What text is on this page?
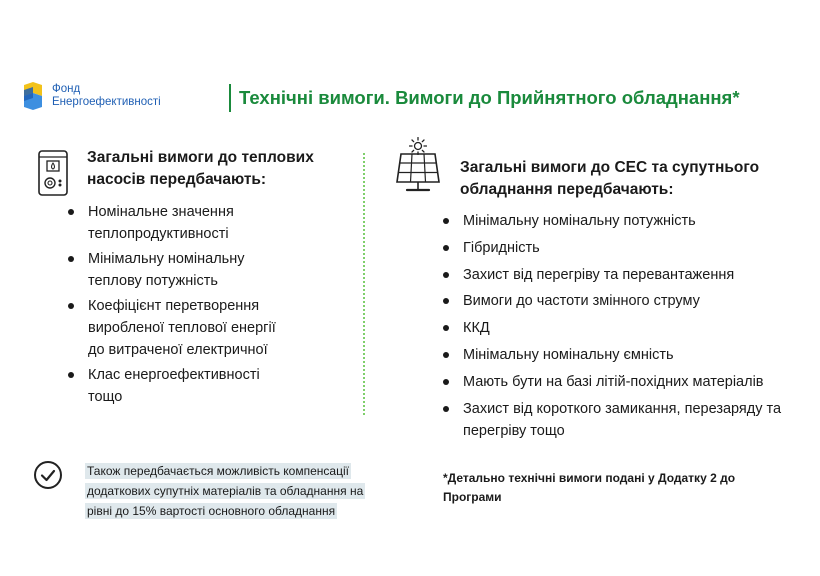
Фонд
Енергоефективності	Технічні вимоги. Вимоги до Прийнятного обладнання*
Загальні вимоги до теплових насосів передбачають:
Номінальне значення
теплопродуктивності
Мінімальну номінальну
теплову потужність
Коефіцієнт перетворення
виробленої теплової енергії
до витраченої електричної
Клас енергоефективності
тощо
Загальні вимоги до СЕС та супутнього обладнання передбачають:
Мінімальну номінальну потужність
Гібридність
Захист від перегріву та перевантаження
Вимоги до частоти змінного струму
ККД
Мінімальну номінальну ємність
Мають бути на базі літій-похідних матеріалів
Захист від короткого замикання, перезаряду та перегріву тощо
Також передбачається можливість компенсації додаткових супутніх матеріалів та обладнання на рівні до 15% вартості основного обладнання
*Детально технічні вимоги подані у Додатку 2 до Програми
